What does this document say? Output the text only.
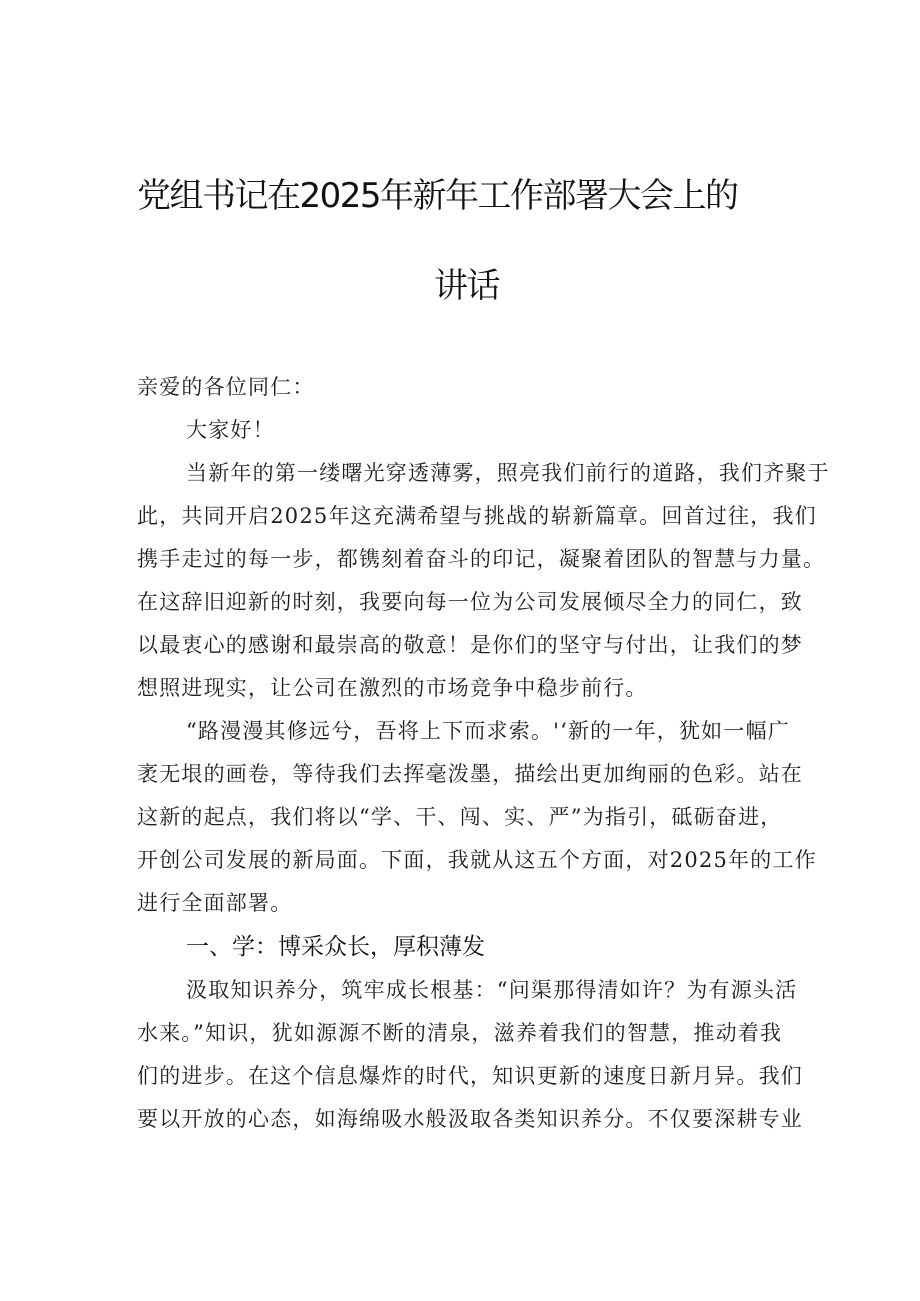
党组书记在2025年新年工作部署大会上的
讲话
亲爱的各位同仁：
大家好！
当新年的第一缕曙光穿透薄雾，照亮我们前行的道路，我们齐聚于
此，共同开启2025年这充满希望与挑战的崭新篇章。回首过往，我们
携手走过的每一步，都镌刻着奋斗的印记，凝聚着团队的智慧与力量。
在这辞旧迎新的时刻，我要向每一位为公司发展倾尽全力的同仁，致
以最衷心的感谢和最崇高的敬意！是你们的坚守与付出，让我们的梦
想照进现实，让公司在激烈的市场竞争中稳步前行。
“路漫漫其修远兮，吾将上下而求索。'‘新的一年，犹如一幅广
袤无垠的画卷，等待我们去挥毫泼墨，描绘出更加绚丽的色彩。站在
这新的起点，我们将以“学、干、闯、实、严”为指引，砥砺奋进，
开创公司发展的新局面。下面，我就从这五个方面，对2025年的工作
进行全面部署。
一、学：博采众长，厚积薄发
汲取知识养分，筑牢成长根基：“问渠那得清如许？为有源头活
水来。”知识，犹如源源不断的清泉，滋养着我们的智慧，推动着我
们的进步。在这个信息爆炸的时代，知识更新的速度日新月异。我们
要以开放的心态，如海绵吸水般汲取各类知识养分。不仅要深耕专业
